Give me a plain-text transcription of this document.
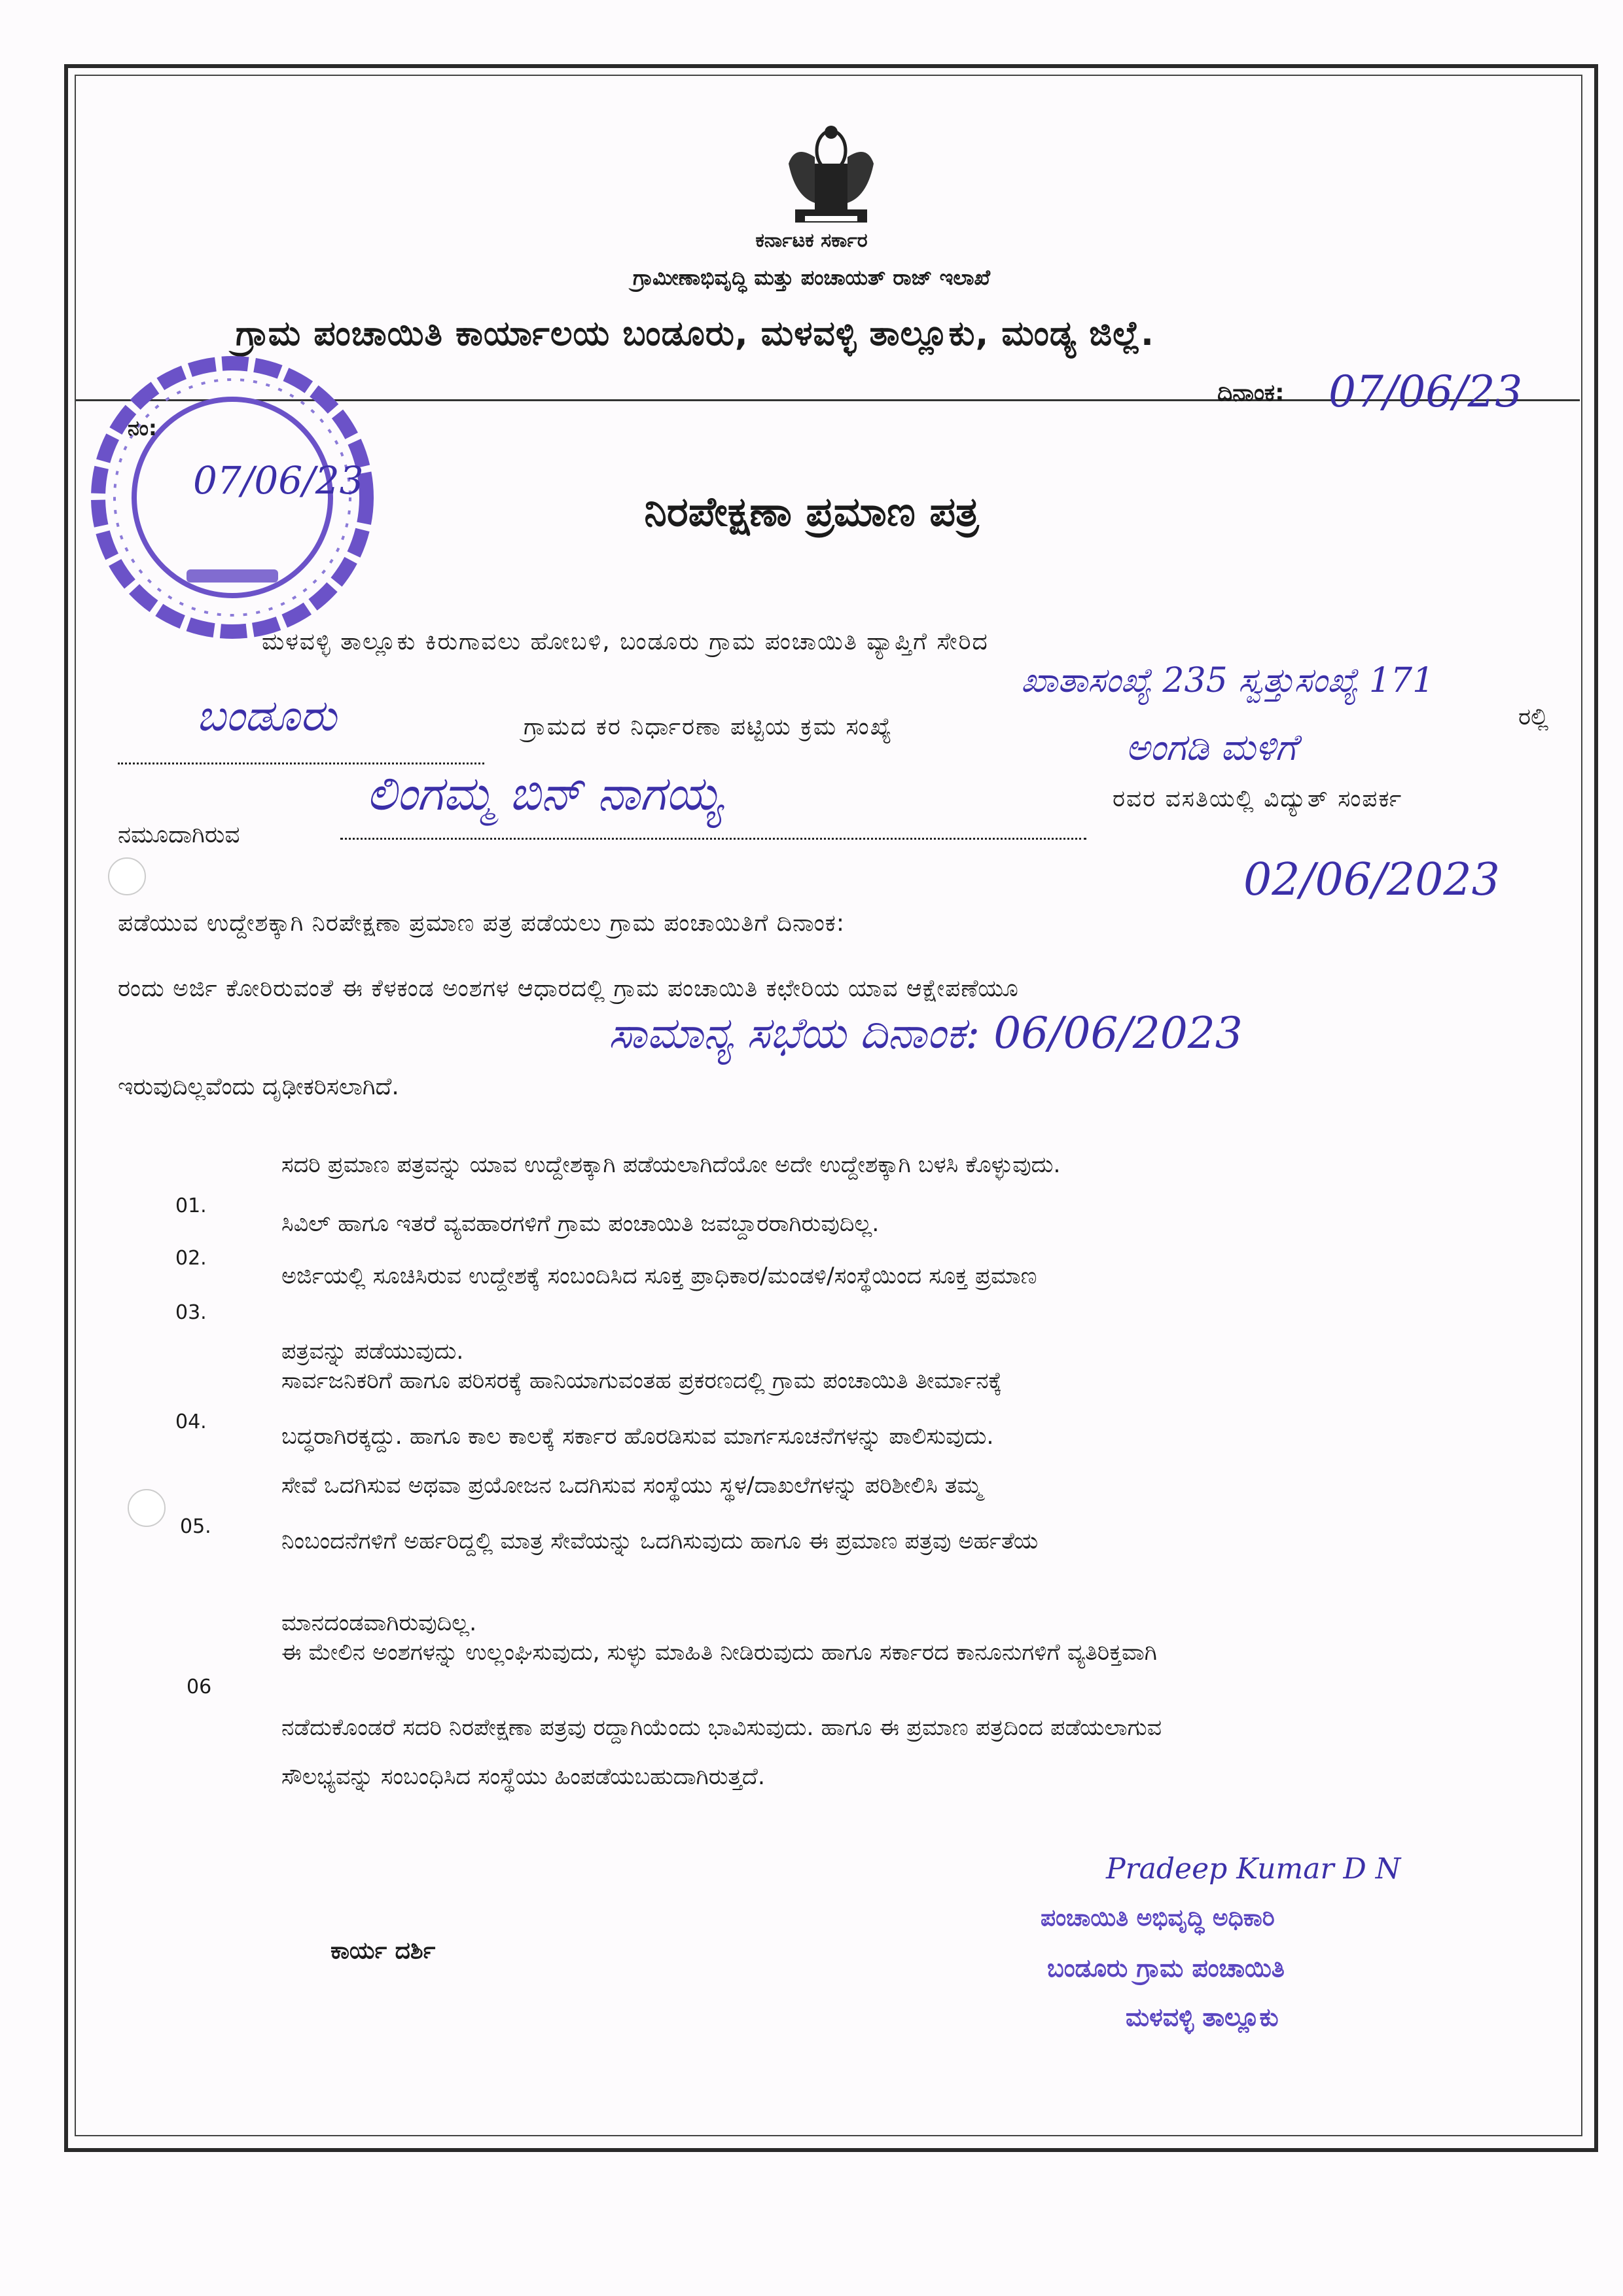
ಕರ್ನಾಟಕ ಸರ್ಕಾರ
ಗ್ರಾಮೀಣಾಭಿವೃದ್ಧಿ ಮತ್ತು ಪಂಚಾಯತ್ ರಾಜ್ ಇಲಾಖೆ
ಗ್ರಾಮ ಪಂಚಾಯಿತಿ ಕಾರ್ಯಾಲಯ ಬಂಡೂರು, ಮಳವಳ್ಳಿ ತಾಲ್ಲೂಕು, ಮಂಡ್ಯ ಜಿಲ್ಲೆ.
ದಿನಾಂಕ: 07/06/23
ನಂ:
07/06/23
ನಿರಪೇಕ್ಷಣಾ ಪ್ರಮಾಣ ಪತ್ರ
ಮಳವಳ್ಳಿ ತಾಲ್ಲೂಕು ಕಿರುಗಾವಲು ಹೋಬಳಿ, ಬಂಡೂರು ಗ್ರಾಮ ಪಂಚಾಯಿತಿ ವ್ಯಾಪ್ತಿಗೆ ಸೇರಿದ
ಬಂಡೂರು	ಗ್ರಾಮದ ಕರ ನಿರ್ಧಾರಣಾ ಪಟ್ಟಿಯ ಕ್ರಮ ಸಂಖ್ಯೆ
ಖಾತಾಸಂಖ್ಯೆ 235 ಸ್ವತ್ತುಸಂಖ್ಯೆ 171
ರಲ್ಲಿ
ಅಂಗಡಿ ಮಳಿಗೆ
ನಮೂದಾಗಿರುವ
ಲಿಂಗಮ್ಮ ಬಿನ್ ನಾಗಯ್ಯ	ರವರ ವಸತಿಯಲ್ಲಿ ವಿದ್ಯುತ್ ಸಂಪರ್ಕ
ಪಡೆಯುವ ಉದ್ದೇಶಕ್ಕಾಗಿ ನಿರಪೇಕ್ಷಣಾ ಪ್ರಮಾಣ ಪತ್ರ ಪಡೆಯಲು ಗ್ರಾಮ ಪಂಚಾಯಿತಿಗೆ ದಿನಾಂಕ:
02/06/2023
ರಂದು ಅರ್ಜಿ ಕೋರಿರುವಂತೆ ಈ ಕೆಳಕಂಡ ಅಂಶಗಳ ಆಧಾರದಲ್ಲಿ ಗ್ರಾಮ ಪಂಚಾಯಿತಿ ಕಛೇರಿಯ ಯಾವ ಆಕ್ಷೇಪಣೆಯೂ
ಸಾಮಾನ್ಯ ಸಭೆಯ ದಿನಾಂಕ: 06/06/2023
ಇರುವುದಿಲ್ಲವೆಂದು ದೃಢೀಕರಿಸಲಾಗಿದೆ.
01.
ಸದರಿ ಪ್ರಮಾಣ ಪತ್ರವನ್ನು ಯಾವ ಉದ್ದೇಶಕ್ಕಾಗಿ ಪಡೆಯಲಾಗಿದೆಯೋ ಅದೇ ಉದ್ದೇಶಕ್ಕಾಗಿ ಬಳಸಿ ಕೊಳ್ಳುವುದು.
02.
ಸಿವಿಲ್ ಹಾಗೂ ಇತರೆ ವ್ಯವಹಾರಗಳಿಗೆ ಗ್ರಾಮ ಪಂಚಾಯಿತಿ ಜವಬ್ದಾರರಾಗಿರುವುದಿಲ್ಲ.
03.
ಅರ್ಜಿಯಲ್ಲಿ ಸೂಚಿಸಿರುವ ಉದ್ದೇಶಕ್ಕೆ ಸಂಬಂದಿಸಿದ ಸೂಕ್ತ ಪ್ರಾಧಿಕಾರ/ಮಂಡಳಿ/ಸಂಸ್ಥೆಯಿಂದ ಸೂಕ್ತ ಪ್ರಮಾಣ
ಪತ್ರವನ್ನು ಪಡೆಯುವುದು.
04.
ಸಾರ್ವಜನಿಕರಿಗೆ ಹಾಗೂ ಪರಿಸರಕ್ಕೆ ಹಾನಿಯಾಗುವಂತಹ ಪ್ರಕರಣದಲ್ಲಿ ಗ್ರಾಮ ಪಂಚಾಯಿತಿ ತೀರ್ಮಾನಕ್ಕೆ
ಬದ್ಧರಾಗಿರಕ್ಕದ್ದು. ಹಾಗೂ ಕಾಲ ಕಾಲಕ್ಕೆ ಸರ್ಕಾರ ಹೊರಡಿಸುವ ಮಾರ್ಗಸೂಚನೆಗಳನ್ನು ಪಾಲಿಸುವುದು.
05.
ಸೇವೆ ಒದಗಿಸುವ ಅಥವಾ ಪ್ರಯೋಜನ ಒದಗಿಸುವ ಸಂಸ್ಥೆಯು ಸ್ಥಳ/ದಾಖಲೆಗಳನ್ನು ಪರಿಶೀಲಿಸಿ ತಮ್ಮ
ನಿಂಬಂದನೆಗಳಿಗೆ ಅರ್ಹರಿದ್ದಲ್ಲಿ ಮಾತ್ರ ಸೇವೆಯನ್ನು ಒದಗಿಸುವುದು ಹಾಗೂ ಈ ಪ್ರಮಾಣ ಪತ್ರವು ಅರ್ಹತೆಯ
ಮಾನದಂಡವಾಗಿರುವುದಿಲ್ಲ.
06
ಈ ಮೇಲಿನ ಅಂಶಗಳನ್ನು ಉಲ್ಲಂಘಿಸುವುದು, ಸುಳ್ಳು ಮಾಹಿತಿ ನೀಡಿರುವುದು ಹಾಗೂ ಸರ್ಕಾರದ ಕಾನೂನುಗಳಿಗೆ ವ್ಯತಿರಿಕ್ತವಾಗಿ
ನಡೆದುಕೊಂಡರೆ ಸದರಿ ನಿರಪೇಕ್ಷಣಾ ಪತ್ರವು ರದ್ದಾಗಿಯೆಂದು ಭಾವಿಸುವುದು. ಹಾಗೂ ಈ ಪ್ರಮಾಣ ಪತ್ರದಿಂದ ಪಡೆಯಲಾಗುವ
ಸೌಲಭ್ಯವನ್ನು ಸಂಬಂಧಿಸಿದ ಸಂಸ್ಥೆಯು ಹಿಂಪಡೆಯಬಹುದಾಗಿರುತ್ತದೆ.
ಕಾರ್ಯ ದರ್ಶಿ
Pradeep Kumar D N
ಪಂಚಾಯಿತಿ ಅಭಿವೃದ್ಧಿ ಅಧಿಕಾರಿ
ಬಂಡೂರು ಗ್ರಾಮ ಪಂಚಾಯಿತಿ
ಮಳವಳ್ಳಿ ತಾಲ್ಲೂಕು
